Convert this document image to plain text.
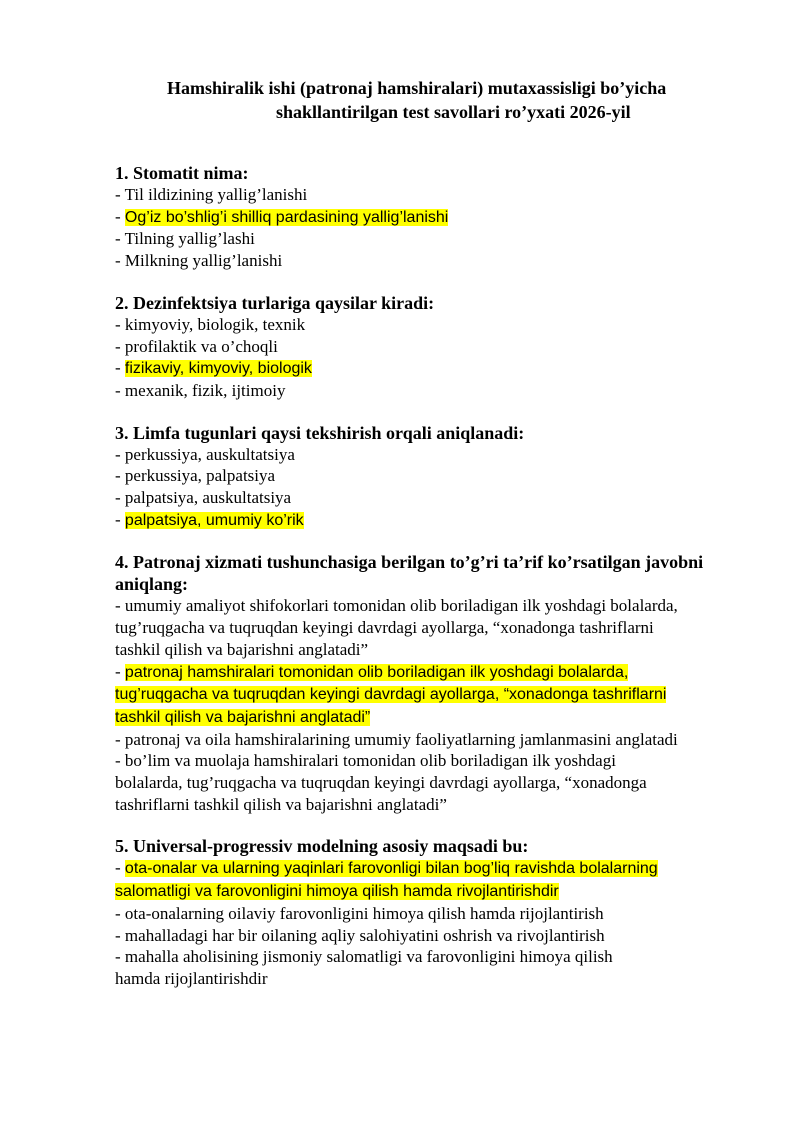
Hamshiralik ishi (patronaj hamshiralari) mutaxassisligi bo’yicha
shakllantirilgan test savollari ro’yxati 2026-yil
1. Stomatit nima:
- Til ildizining yallig’lanishi
- Og’iz bo’shlig’i shilliq pardasining yallig’lanishi
- Tilning yallig’lashi
- Milkning yallig’lanishi
2. Dezinfektsiya turlariga qaysilar kiradi:
- kimyoviy, biologik, texnik
- profilaktik va o’choqli
- fizikaviy, kimyoviy, biologik
- mexanik, fizik, ijtimoiy
3. Limfa tugunlari qaysi tekshirish orqali aniqlanadi:
- perkussiya, auskultatsiya
- perkussiya, palpatsiya
- palpatsiya, auskultatsiya
- palpatsiya, umumiy ko’rik
4. Patronaj xizmati tushunchasiga berilgan to’g’ri ta’rif ko’rsatilgan javobni aniqlang:
- umumiy amaliyot shifokorlari tomonidan olib boriladigan ilk yoshdagi bolalarda,
tug’ruqgacha va tuqruqdan keyingi davrdagi ayollarga, “xonadonga tashriflarni
tashkil qilish va bajarishni anglatadi”
- patronaj hamshiralari tomonidan olib boriladigan ilk yoshdagi bolalarda,
tug’ruqgacha va tuqruqdan keyingi davrdagi ayollarga, “xonadonga tashriflarni
tashkil qilish va bajarishni anglatadi”
- patronaj va oila hamshiralarining umumiy faoliyatlarning jamlanmasini anglatadi
- bo’lim va muolaja hamshiralari tomonidan olib boriladigan ilk yoshdagi
bolalarda, tug’ruqgacha va tuqruqdan keyingi davrdagi ayollarga, “xonadonga
tashriflarni tashkil qilish va bajarishni anglatadi”
5. Universal-progressiv modelning asosiy maqsadi bu:
- ota-onalar va ularning yaqinlari farovonligi bilan bog’liq ravishda bolalarning
salomatligi va farovonligini himoya qilish hamda rivojlantirishdir
- ota-onalarning oilaviy farovonligini himoya qilish hamda rijojlantirish
- mahalladagi har bir oilaning aqliy salohiyatini oshrish va rivojlantirish
- mahalla aholisining jismoniy salomatligi va farovonligini himoya qilish
hamda rijojlantirishdir
